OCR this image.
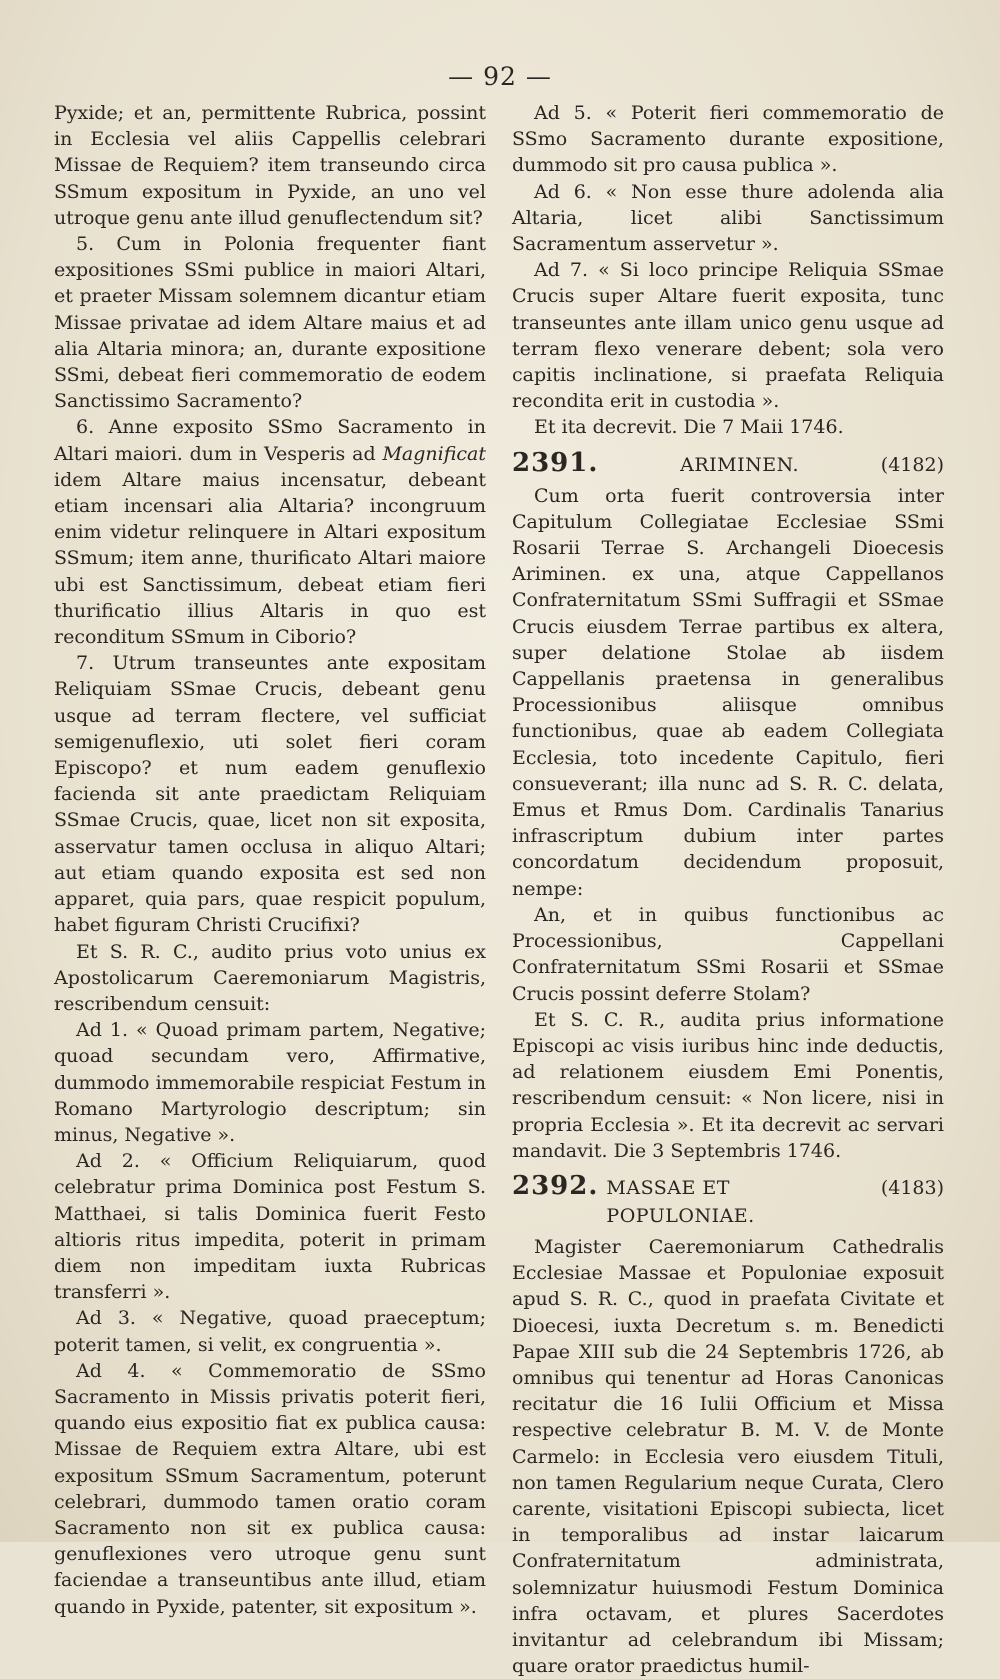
— 92 —

Pyxide; et an, permittente Rubrica, possint in Ecclesia vel aliis Cappellis celebrari Missae de Requiem? item transeundo circa SSmum expositum in Pyxide, an uno vel utroque genu ante illud genuflectendum sit?

5. Cum in Polonia frequenter fiant expositiones SSmi publice in maiori Altari, et praeter Missam solemnem dicantur etiam Missae privatae ad idem Altare maius et ad alia Altaria minora; an, durante expositione SSmi, debeat fieri commemoratio de eodem Sanctissimo Sacramento?

6. Anne exposito SSmo Sacramento in Altari maiori. dum in Vesperis ad Magnificat idem Altare maius incensatur, debeant etiam incensari alia Altaria? incongruum enim videtur relinquere in Altari expositum SSmum; item anne, thurificato Altari maiore ubi est Sanctissimum, debeat etiam fieri thurificatio illius Altaris in quo est reconditum SSmum in Ciborio?

7. Utrum transeuntes ante expositam Reliquiam SSmae Crucis, debeant genu usque ad terram flectere, vel sufficiat semigenuflexio, uti solet fieri coram Episcopo? et num eadem genuflexio facienda sit ante praedictam Reliquiam SSmae Crucis, quae, licet non sit exposita, asservatur tamen occlusa in aliquo Altari; aut etiam quando exposita est sed non apparet, quia pars, quae respicit populum, habet figuram Christi Crucifixi?

Et S. R. C., audito prius voto unius ex Apostolicarum Caeremoniarum Magistris, rescribendum censuit:

Ad 1. « Quoad primam partem, Negative; quoad secundam vero, Affirmative, dummodo immemorabile respiciat Festum in Romano Martyrologio descriptum; sin minus, Negative ».

Ad 2. « Officium Reliquiarum, quod celebratur prima Dominica post Festum S. Matthaei, si talis Dominica fuerit Festo altioris ritus impedita, poterit in primam diem non impeditam iuxta Rubricas transferri ».

Ad 3. « Negative, quoad praeceptum; poterit tamen, si velit, ex congruentia ».

Ad 4. « Commemoratio de SSmo Sacramento in Missis privatis poterit fieri, quando eius expositio fiat ex publica causa: Missae de Requiem extra Altare, ubi est expositum SSmum Sacramentum, poterunt celebrari, dummodo tamen oratio coram Sacramento non sit ex publica causa: genuflexiones vero utroque genu sunt faciendae a transeuntibus ante illud, etiam quando in Pyxide, patenter, sit expositum ».

Ad 5. « Poterit fieri commemoratio de SSmo Sacramento durante expositione, dummodo sit pro causa publica ».

Ad 6. « Non esse thure adolenda alia Altaria, licet alibi Sanctissimum Sacramentum asservetur ».

Ad 7. « Si loco principe Reliquia SSmae Crucis super Altare fuerit exposita, tunc transeuntes ante illam unico genu usque ad terram flexo venerare debent; sola vero capitis inclinatione, si praefata Reliquia recondita erit in custodia ».

Et ita decrevit. Die 7 Maii 1746.

2391.	ARIMINEN.	(4182)

Cum orta fuerit controversia inter Capitulum Collegiatae Ecclesiae SSmi Rosarii Terrae S. Archangeli Dioecesis Ariminen. ex una, atque Cappellanos Confraternitatum SSmi Suffragii et SSmae Crucis eiusdem Terrae partibus ex altera, super delatione Stolae ab iisdem Cappellanis praetensa in generalibus Processionibus aliisque omnibus functionibus, quae ab eadem Collegiata Ecclesia, toto incedente Capitulo, fieri consueverant; illa nunc ad S. R. C. delata, Emus et Rmus Dom. Cardinalis Tanarius infrascriptum dubium inter partes concordatum decidendum proposuit, nempe:

An, et in quibus functionibus ac Processionibus, Cappellani Confraternitatum SSmi Rosarii et SSmae Crucis possint deferre Stolam?

Et S. C. R., audita prius informatione Episcopi ac visis iuribus hinc inde deductis, ad relationem eiusdem Emi Ponentis, rescribendum censuit: « Non licere, nisi in propria Ecclesia ». Et ita decrevit ac servari mandavit. Die 3 Septembris 1746.

2392. MASSAE ET POPULONIAE.
(4183)

Magister Caeremoniarum Cathedralis Ecclesiae Massae et Populoniae exposuit apud S. R. C., quod in praefata Civitate et Dioecesi, iuxta Decretum s. m. Benedicti Papae XIII sub die 24 Septembris 1726, ab omnibus qui tenentur ad Horas Canonicas recitatur die 16 Iulii Officium et Missa respective celebratur B. M. V. de Monte Carmelo: in Ecclesia vero eiusdem Tituli, non tamen Regularium neque Curata, Clero carente, visitationi Episcopi subiecta, licet in temporalibus ad instar laicarum Confraternitatum administrata, solemnizatur huiusmodi Festum Dominica infra octavam, et plures Sacerdotes invitantur ad celebrandum ibi Missam; quare orator praedictus humil-
